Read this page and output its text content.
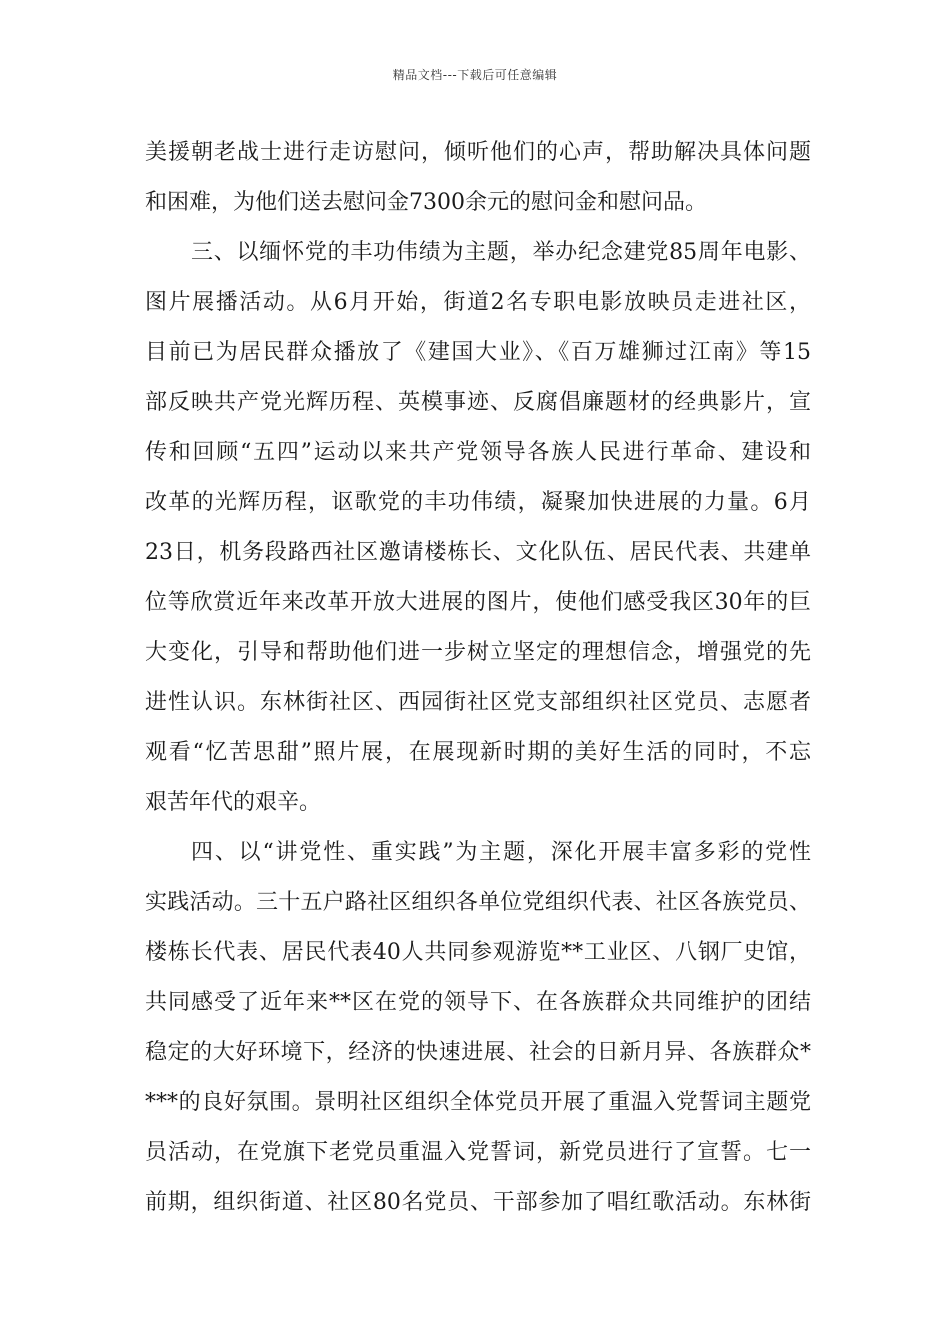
精品文档---下载后可任意编辑
美援朝老战士进行走访慰问，倾听他们的心声，帮助解决具体问题
和困难，为他们送去慰问金7300余元的慰问金和慰问品。
三、以缅怀党的丰功伟绩为主题，举办纪念建党85周年电影、
图片展播活动。从6月开始，街道2名专职电影放映员走进社区，
目前已为居民群众播放了《建国大业》、《百万雄狮过江南》等15
部反映共产党光辉历程、英模事迹、反腐倡廉题材的经典影片，宣
传和回顾“五四”运动以来共产党领导各族人民进行革命、建设和
改革的光辉历程，讴歌党的丰功伟绩，凝聚加快进展的力量。6月
23日，机务段路西社区邀请楼栋长、文化队伍、居民代表、共建单
位等欣赏近年来改革开放大进展的图片，使他们感受我区30年的巨
大变化，引导和帮助他们进一步树立坚定的理想信念，增强党的先
进性认识。东林街社区、西园街社区党支部组织社区党员、志愿者
观看“忆苦思甜”照片展，在展现新时期的美好生活的同时，不忘
艰苦年代的艰辛。
四、以“讲党性、重实践”为主题，深化开展丰富多彩的党性
实践活动。三十五户路社区组织各单位党组织代表、社区各族党员、
楼栋长代表、居民代表40人共同参观游览**工业区、八钢厂史馆，
共同感受了近年来**区在党的领导下、在各族群众共同维护的团结
稳定的大好环境下，经济的快速进展、社会的日新月异、各族群众*
***的良好氛围。景明社区组织全体党员开展了重温入党誓词主题党
员活动，在党旗下老党员重温入党誓词，新党员进行了宣誓。七一
前期，组织街道、社区80名党员、干部参加了唱红歌活动。东林街
